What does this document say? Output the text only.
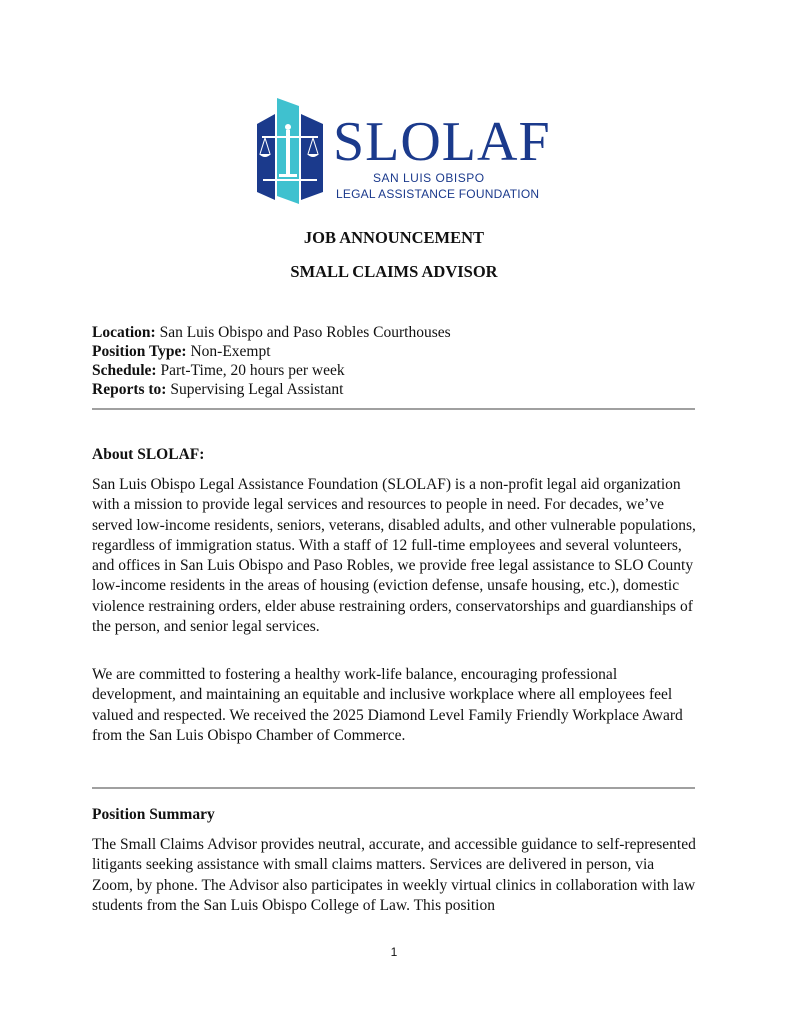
SLOLAF
SAN LUIS OBISPO
LEGAL ASSISTANCE FOUNDATION
JOB ANNOUNCEMENT
SMALL CLAIMS ADVISOR
Location: San Luis Obispo and Paso Robles Courthouses
Position Type: Non-Exempt
Schedule: Part-Time, 20 hours per week
Reports to: Supervising Legal Assistant
About SLOLAF:
San Luis Obispo Legal Assistance Foundation (SLOLAF) is a non-profit legal aid organization with a mission to provide legal services and resources to people in need. For decades, we’ve served low-income residents, seniors, veterans, disabled adults, and other vulnerable populations, regardless of immigration status. With a staff of 12 full-time employees and several volunteers, and offices in San Luis Obispo and Paso Robles, we provide free legal assistance to SLO County low-income residents in the areas of housing (eviction defense, unsafe housing, etc.), domestic violence restraining orders, elder abuse restraining orders, conservatorships and guardianships of the person, and senior legal services.
We are committed to fostering a healthy work-life balance, encouraging professional development, and maintaining an equitable and inclusive workplace where all employees feel valued and respected. We received the 2025 Diamond Level Family Friendly Workplace Award from the San Luis Obispo Chamber of Commerce.
Position Summary
The Small Claims Advisor provides neutral, accurate, and accessible guidance to self-represented litigants seeking assistance with small claims matters. Services are delivered in person, via Zoom, by phone. The Advisor also participates in weekly virtual clinics in collaboration with law students from the San Luis Obispo College of Law. This position
1
